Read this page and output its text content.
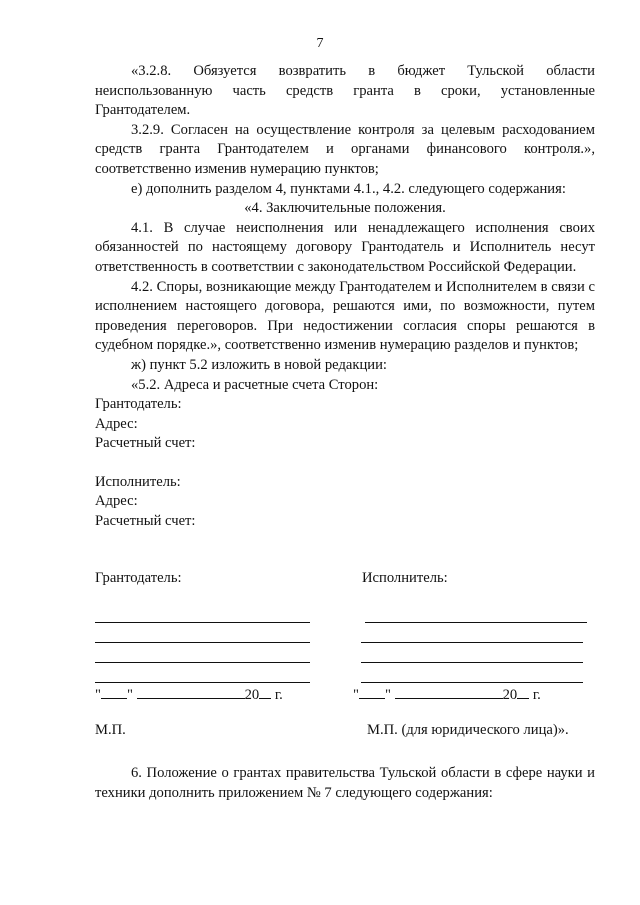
7

«3.2.8. Обязуется возвратить в бюджет Тульской области неиспользованную часть средств гранта в сроки, установленные Грантодателем.

3.2.9. Согласен на осуществление контроля за целевым расходованием средств гранта Грантодателем и органами финансового контроля.», соответственно изменив нумерацию пунктов;

е) дополнить разделом 4, пунктами 4.1., 4.2. следующего содержания:

«4. Заключительные положения.

4.1. В случае неисполнения или ненадлежащего исполнения своих обязанностей по настоящему договору Грантодатель и Исполнитель несут ответственность в соответствии с законодательством Российской Федерации.

4.2. Споры, возникающие между Грантодателем и Исполнителем в связи с исполнением настоящего договора, решаются ими, по возможности, путем проведения переговоров. При недостижении согласия споры решаются в судебном порядке.», соответственно изменив нумерацию разделов и пунктов;

ж) пункт 5.2 изложить в новой редакции:

«5.2. Адреса и расчетные счета Сторон:

Грантодатель:

Адрес:

Расчетный счет:

Исполнитель:

Адрес:

Расчетный счет:

Грантодатель:	Исполнитель:
" "	20 г.	" "	20 г.
М.П.	М.П. (для юридического лица)».

6. Положение о грантах правительства Тульской области в сфере науки и техники дополнить приложением № 7 следующего содержания:
